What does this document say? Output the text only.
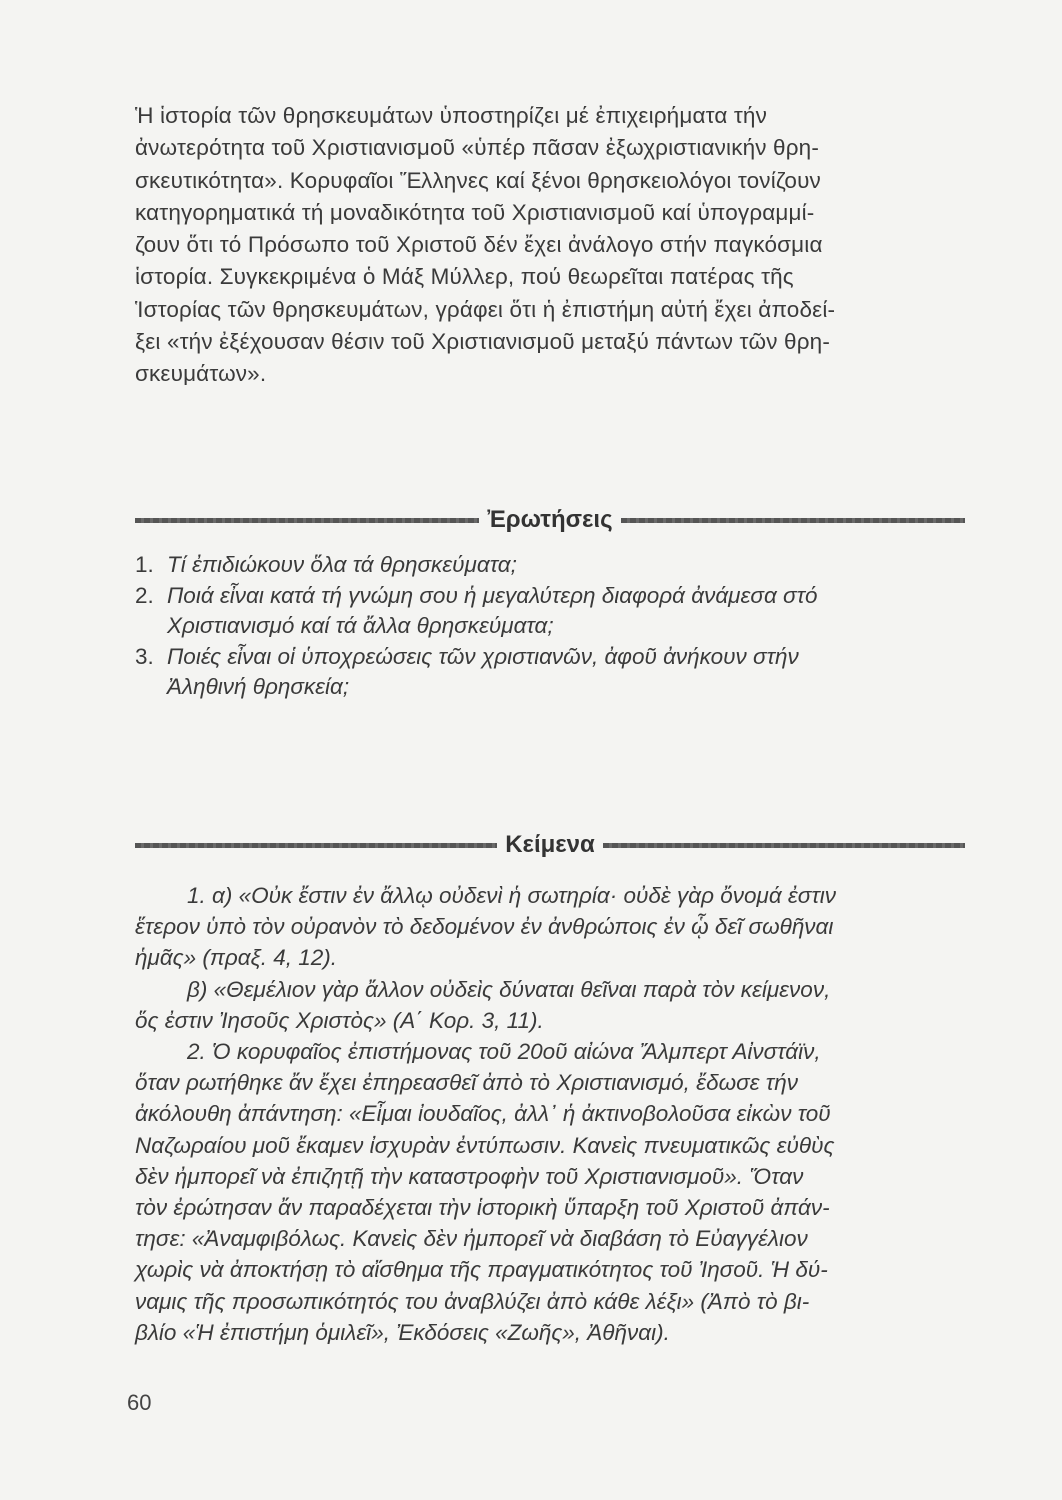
Ἡ ἱστορία τῶν θρησκευμάτων ὑποστηρίζει μέ ἐπιχειρήματα τήν
ἀνωτερότητα τοῦ Χριστιανισμοῦ «ὑπέρ πᾶσαν ἐξωχριστιανικήν θρη-
σκευτικότητα». Κορυφαῖοι Ἕλληνες καί ξένοι θρησκειολόγοι τονίζουν
κατηγορηματικά τή μοναδικότητα τοῦ Χριστιανισμοῦ καί ὑπογραμμί-
ζουν ὅτι τό Πρόσωπο τοῦ Χριστοῦ δέν ἔχει ἀνάλογο στήν παγκόσμια
ἱστορία. Συγκεκριμένα ὁ Μάξ Μύλλερ, πού θεωρεῖται πατέρας τῆς
Ἱστορίας τῶν θρησκευμάτων, γράφει ὅτι ἡ ἐπιστήμη αὐτή ἔχει ἀποδεί-
ξει «τήν ἐξέχουσαν θέσιν τοῦ Χριστιανισμοῦ μεταξύ πάντων τῶν θρη-
σκευμάτων».

Ἐρωτήσεις
1. Τί ἐπιδιώκουν ὅλα τά θρησκεύματα;
2. Ποιά εἶναι κατά τή γνώμη σου ἡ μεγαλύτερη διαφορά ἀνάμεσα στό
Χριστιανισμό καί τά ἄλλα θρησκεύματα;
3. Ποιές εἶναι οἱ ὑποχρεώσεις τῶν χριστιανῶν, ἀφοῦ ἀνήκουν στήν
Ἀληθινή θρησκεία;
Κείμενα
1. α) «Οὐκ ἔστιν ἐν ἄλλῳ οὐδενὶ ἡ σωτηρία· οὐδὲ γὰρ ὄνομά ἐστιν
ἕτερον ὑπὸ τὸν οὐρανὸν τὸ δεδομένον ἐν ἀνθρώποις ἐν ᾧ δεῖ σωθῆναι
ἡμᾶς» (πραξ. 4, 12).
β) «Θεμέλιον γὰρ ἄλλον οὐδεὶς δύναται θεῖναι παρὰ τὸν κείμενον,
ὅς ἐστιν Ἰησοῦς Χριστὸς» (Α΄ Κορ. 3, 11).
2. Ὁ κορυφαῖος ἐπιστήμονας τοῦ 20οῦ αἰώνα Ἄλμπερτ Αἰνστάϊν,
ὅταν ρωτήθηκε ἄν ἔχει ἐπηρεασθεῖ ἀπὸ τὸ Χριστιανισμό, ἔδωσε τήν
ἀκόλουθη ἀπάντηση: «Εἶμαι ἰουδαῖος, ἀλλ᾽ ἡ ἀκτινοβολοῦσα εἰκὼν τοῦ
Ναζωραίου μοῦ ἔκαμεν ἰσχυρὰν ἐντύπωσιν. Κανεὶς πνευματικῶς εὐθὺς
δὲν ἠμπορεῖ νὰ ἐπιζητῇ τὴν καταστροφὴν τοῦ Χριστιανισμοῦ». Ὅταν
τὸν ἐρώτησαν ἄν παραδέχεται τὴν ἱστορικὴ ὕπαρξη τοῦ Χριστοῦ ἀπάν-
τησε: «Ἀναμφιβόλως. Κανεὶς δὲν ἠμπορεῖ νὰ διαβάση τὸ Εὐαγγέλιον
χωρὶς νὰ ἀποκτήσῃ τὸ αἴσθημα τῆς πραγματικότητος τοῦ Ἰησοῦ. Ἡ δύ-
ναμις τῆς προσωπικότητός του ἀναβλύζει ἀπὸ κάθε λέξι» (Ἀπὸ τὸ βι-
βλίο «Ἡ ἐπιστήμη ὁμιλεῖ», Ἐκδόσεις «Ζωῆς», Ἀθῆναι).
60
